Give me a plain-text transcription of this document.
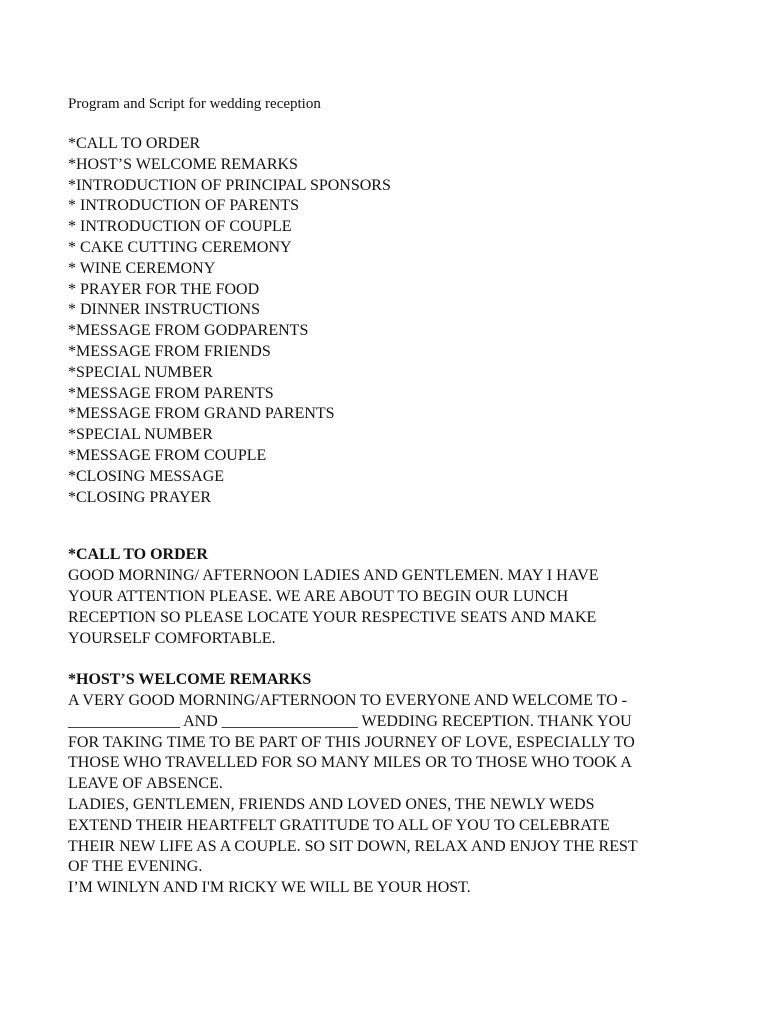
Program and Script for wedding reception
*CALL TO ORDER
*HOST’S WELCOME REMARKS
*INTRODUCTION OF PRINCIPAL SPONSORS
* INTRODUCTION OF PARENTS
* INTRODUCTION OF COUPLE
* CAKE CUTTING CEREMONY
* WINE CEREMONY
* PRAYER FOR THE FOOD
* DINNER INSTRUCTIONS
*MESSAGE FROM GODPARENTS
*MESSAGE FROM FRIENDS
*SPECIAL NUMBER
*MESSAGE FROM PARENTS
*MESSAGE FROM GRAND PARENTS
*SPECIAL NUMBER
*MESSAGE FROM COUPLE
*CLOSING MESSAGE
*CLOSING PRAYER
*CALL TO ORDER
GOOD MORNING/ AFTERNOON LADIES AND GENTLEMEN. MAY I HAVE
YOUR ATTENTION PLEASE. WE ARE ABOUT TO BEGIN OUR LUNCH
RECEPTION SO PLEASE LOCATE YOUR RESPECTIVE SEATS AND MAKE
YOURSELF COMFORTABLE.
*HOST’S WELCOME REMARKS
A VERY GOOD MORNING/AFTERNOON TO EVERYONE AND WELCOME TO -
______________ AND _________________ WEDDING RECEPTION. THANK YOU
FOR TAKING TIME TO BE PART OF THIS JOURNEY OF LOVE, ESPECIALLY TO
THOSE WHO TRAVELLED FOR SO MANY MILES OR TO THOSE WHO TOOK A
LEAVE OF ABSENCE.
LADIES, GENTLEMEN, FRIENDS AND LOVED ONES, THE NEWLY WEDS
EXTEND THEIR HEARTFELT GRATITUDE TO ALL OF YOU TO CELEBRATE
THEIR NEW LIFE AS A COUPLE. SO SIT DOWN, RELAX AND ENJOY THE REST
OF THE EVENING.
I’M WINLYN AND I'M RICKY WE WILL BE YOUR HOST.
